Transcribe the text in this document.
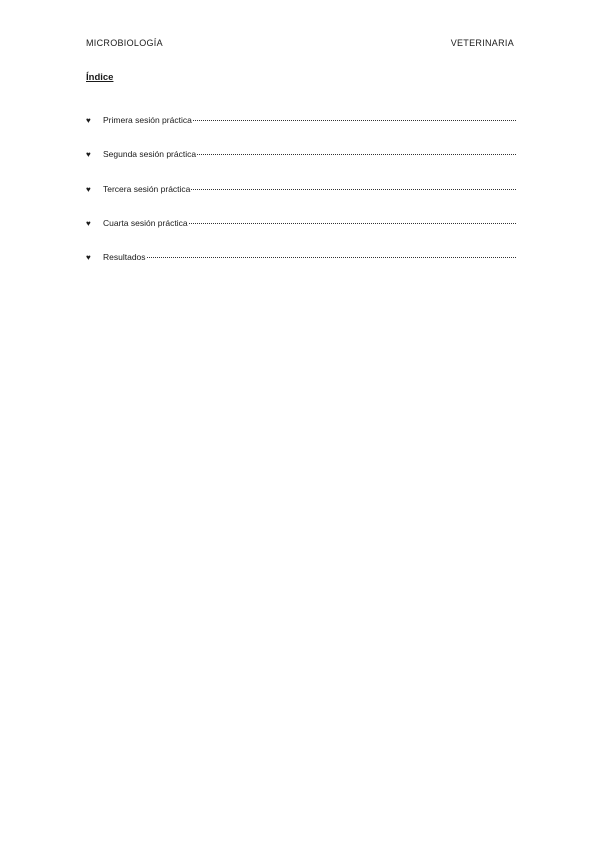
MICROBIOLOGÍA	VETERINARIA
Índice
♥	Primera sesión práctica
♥	Segunda sesión práctica
♥	Tercera sesión práctica
♥	Cuarta sesión práctica
♥	Resultados
